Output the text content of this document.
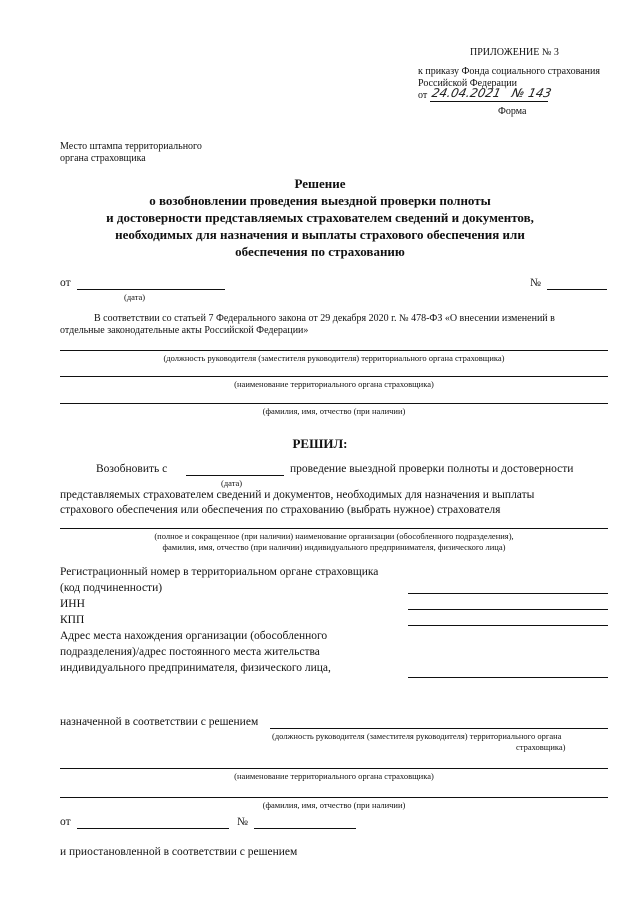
ПРИЛОЖЕНИЕ № 3
к приказу Фонда социального страхования
Российской Федерации
от 24.04.2021 № 143
Форма
Место штампа территориального
органа страховщика
Решение
о возобновлении проведения выездной проверки полноты
и достоверности представляемых страхователем сведений и документов,
необходимых для назначения и выплаты страхового обеспечения или
обеспечения по страхованию
от
(дата)
№
В соответствии со статьей 7 Федерального закона от 29 декабря 2020 г. № 478-ФЗ «О внесении изменений в
отдельные законодательные акты Российской Федерации»
(должность руководителя (заместителя руководителя) территориального органа страховщика)
(наименование территориального органа страховщика)
(фамилия, имя, отчество (при наличии)
РЕШИЛ:
Возобновить с
(дата)
проведение выездной проверки полноты и достоверности
представляемых страхователем сведений и документов, необходимых для назначения и выплаты
страхового обеспечения или обеспечения по страхованию (выбрать нужное) страхователя
(полное и сокращенное (при наличии) наименование организации (обособленного подразделения),
фамилия, имя, отчество (при наличии) индивидуального предпринимателя, физического лица)
Регистрационный номер в территориальном органе страховщика
(код подчиненности)
ИНН
КПП
Адрес места нахождения организации (обособленного
подразделения)/адрес постоянного места жительства
индивидуального предпринимателя, физического лица,
назначенной в соответствии с решением
(должность руководителя (заместителя руководителя) территориального органа
страховщика)
(наименование территориального органа страховщика)
(фамилия, имя, отчество (при наличии)
от	№
и приостановленной в соответствии с решением
